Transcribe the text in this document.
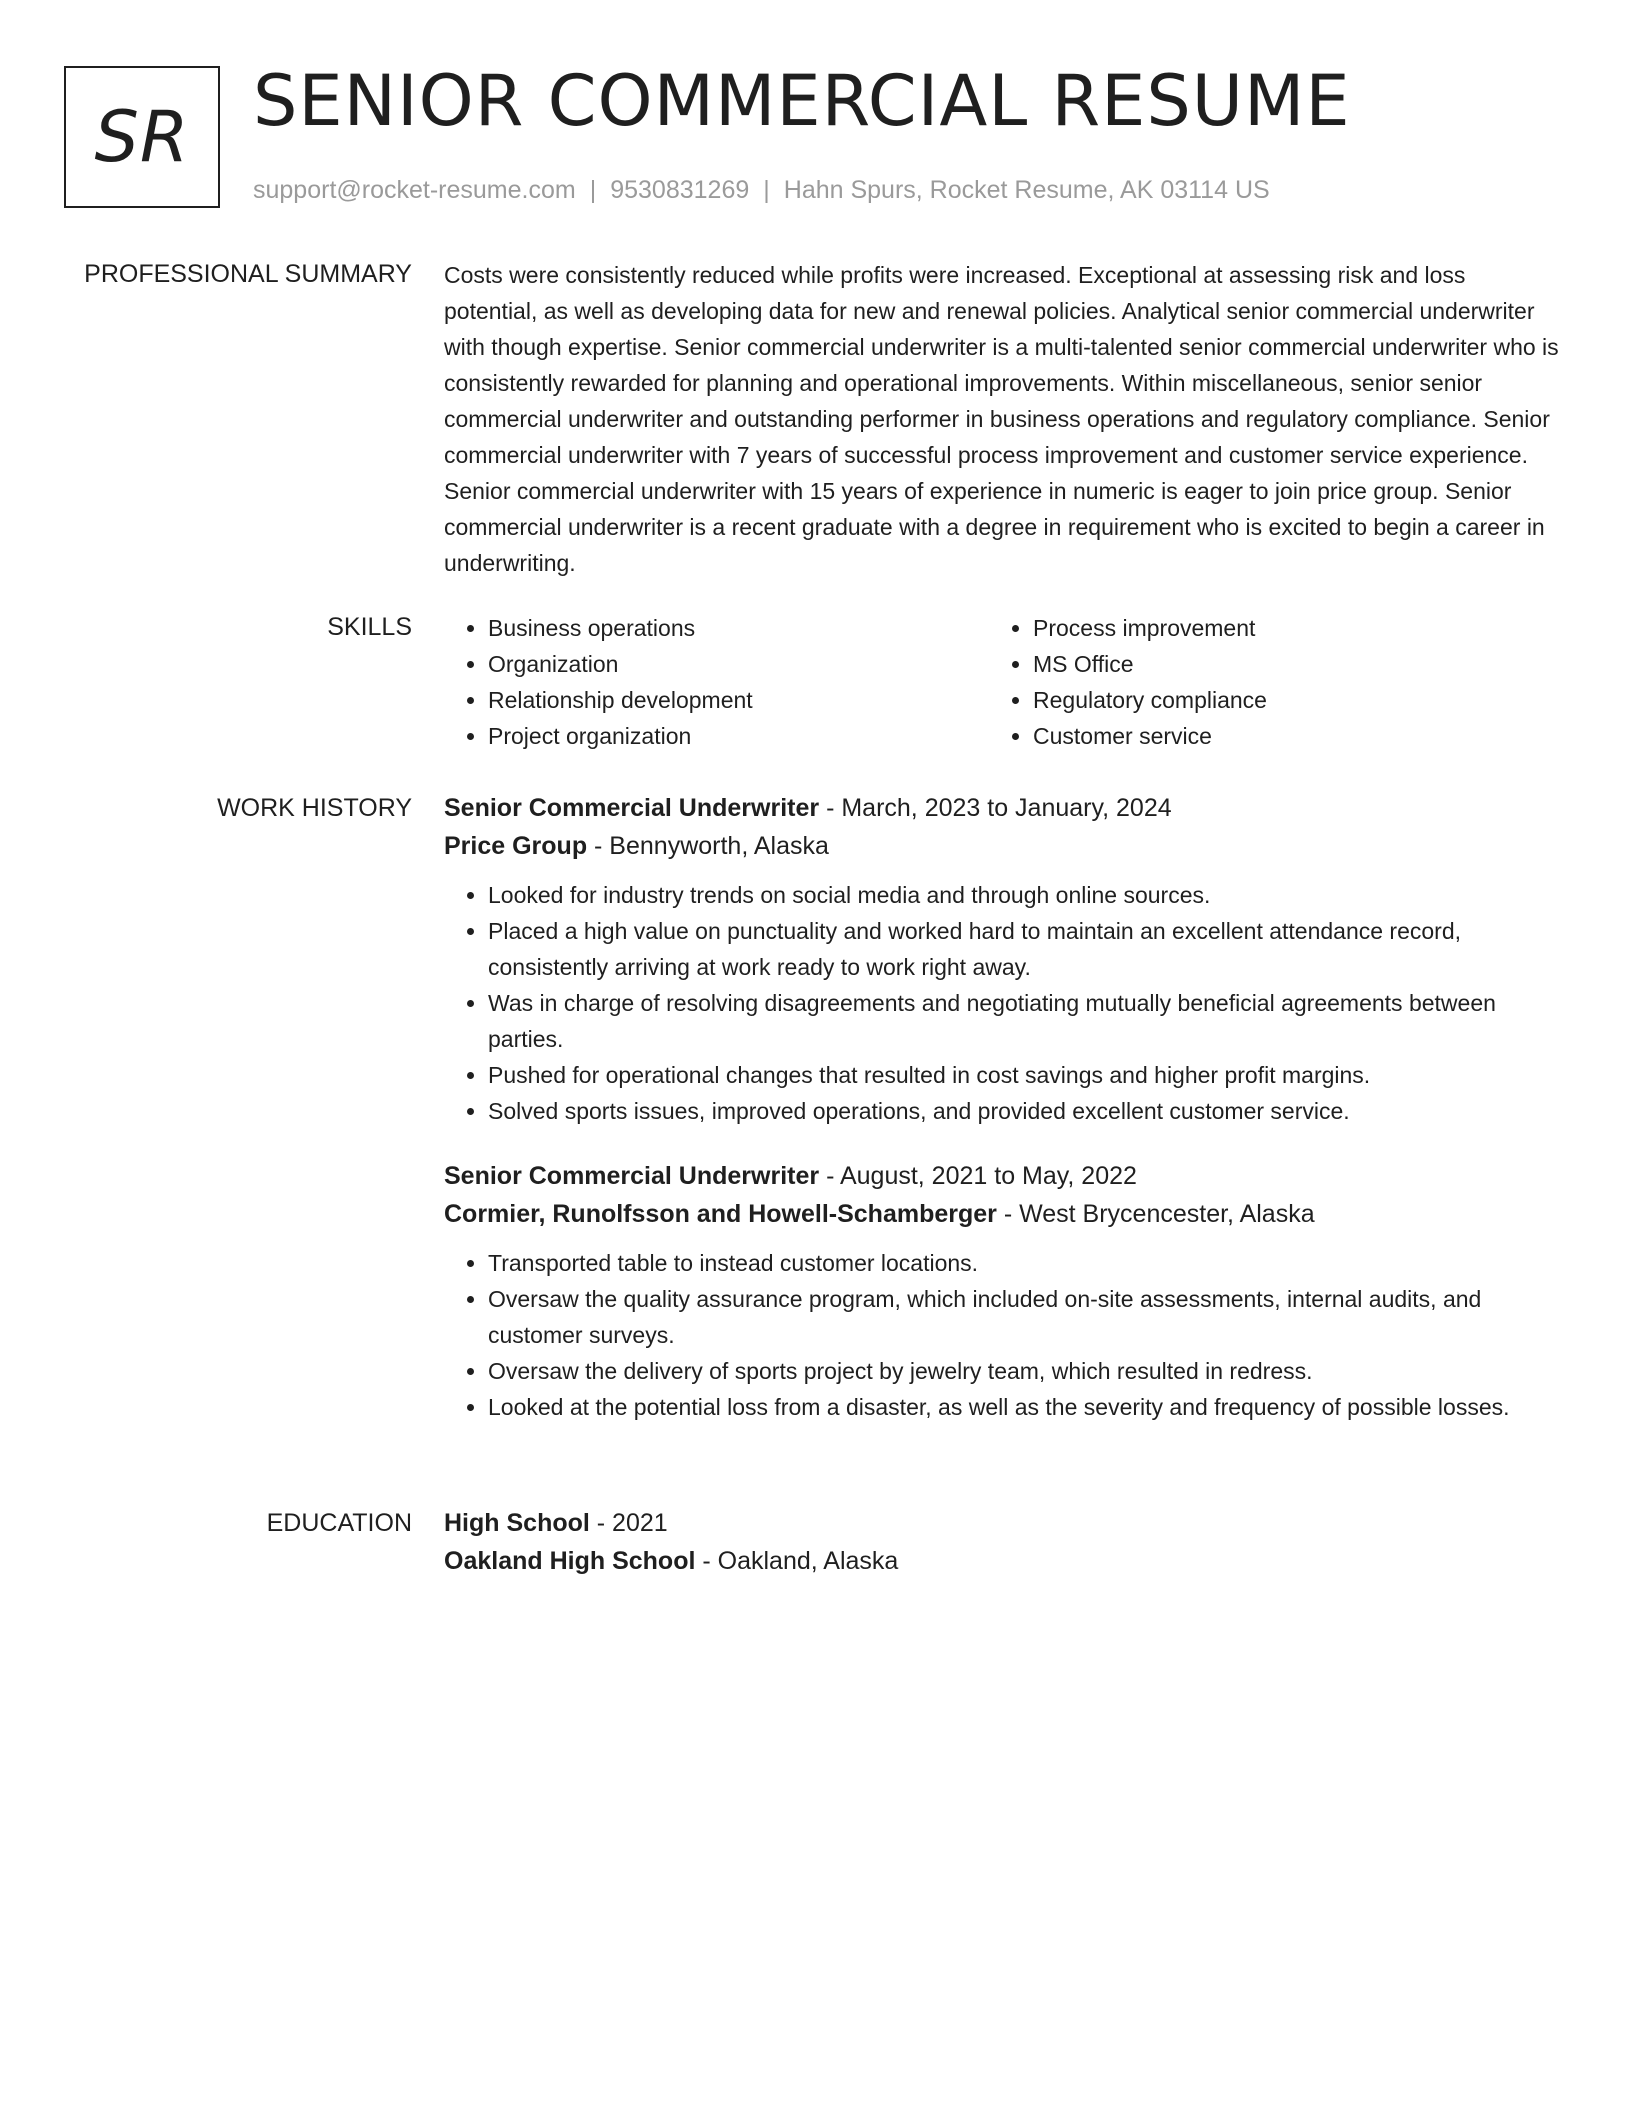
SR SENIOR COMMERCIAL RESUME
support@rocket-resume.com | 9530831269 | Hahn Spurs, Rocket Resume, AK 03114 US
PROFESSIONAL SUMMARY Costs were consistently reduced while profits were increased. Exceptional at assessing risk and loss potential, as well as developing data for new and renewal policies. Analytical senior commercial underwriter with though expertise. Senior commercial underwriter is a multi-talented senior commercial underwriter who is consistently rewarded for planning and operational improvements. Within miscellaneous, senior senior commercial underwriter and outstanding performer in business operations and regulatory compliance. Senior commercial underwriter with 7 years of successful process improvement and customer service experience. Senior commercial underwriter with 15 years of experience in numeric is eager to join price group. Senior commercial underwriter is a recent graduate with a degree in requirement who is excited to begin a career in underwriting.

SKILLS
•	Business operations
• Organization
• Relationship development
• Project organization
• Process improvement
• MS Office
• Regulatory compliance
• Customer service
WORK HISTORY Senior Commercial Underwriter - March, 2023 to January, 2024
Price Group - Bennyworth, Alaska
• Looked for industry trends on social media and through online sources.
• Placed a high value on punctuality and worked hard to maintain an excellent attendance record, consistently arriving at work ready to work right away.
• Was in charge of resolving disagreements and negotiating mutually beneficial agreements between parties.
• Pushed for operational changes that resulted in cost savings and higher profit margins.
• Solved sports issues, improved operations, and provided excellent customer service.
Senior Commercial Underwriter - August, 2021 to May, 2022
Cormier, Runolfsson and Howell-Schamberger - West Brycencester, Alaska
• Transported table to instead customer locations.
• Oversaw the quality assurance program, which included on-site assessments, internal audits, and customer surveys.
• Oversaw the delivery of sports project by jewelry team, which resulted in redress.
• Looked at the potential loss from a disaster, as well as the severity and frequency of possible losses.
EDUCATION High School - 2021
Oakland High School - Oakland, Alaska
